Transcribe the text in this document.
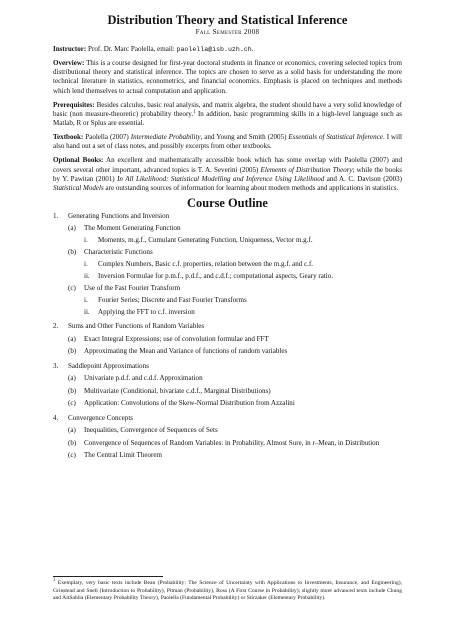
Distribution Theory and Statistical Inference
Fall Semester 2008

Instructor: Prof. Dr. Marc Paolella, email: paolella@isb.uzh.ch.

Overview: This is a course designed for first-year doctoral students in finance or economics, covering selected topics from distributional theory and statistical inference. The topics are chosen to serve as a solid basis for understanding the more technical literature in statistics, econometrics, and financial economics. Emphasis is placed on techniques and methods which lend themselves to actual computation and application.

Prerequisites: Besides calculus, basic real analysis, and matrix algebra, the student should have a very solid knowledge of basic (non measure-theoretic) probability theory.$^1$ In addition, basic programming skills in a high-level language such as Matlab, R or Splus are essential.

Textbook: Paolella (2007) Intermediate Probability, and Young and Smith (2005) Essentials of Statistical Inference. I will also hand out a set of class notes, and possibly excerpts from other textbooks.

Optional Books: An excellent and mathematically accessible book which has some overlap with Paolella (2007) and covers several other important, advanced topics is T. A. Severini (2005) Elements of Distribution Theory; while the books by Y. Pawitan (2001) In All Likelihood: Statistical Modelling and Inference Using Likelihood and A. C. Davison (2003) Statistical Models are outstanding sources of information for learning about modern methods and applications in statistics.

Course Outline
1. Generating Functions and Inversion
(a) The Moment Generating Function
i. Moments, m.g.f., Cumulant Generating Function, Uniqueness, Vector m.g.f.
(b) Characteristic Functions
i. Complex Numbers, Basic c.f. properties, relation between the m.g.f. and c.f.
ii. Inversion Formulae for p.m.f., p.d.f., and c.d.f.; computational aspects, Geary ratio.
(c) Use of the Fast Fourier Transform
i. Fourier Series; Discrete and Fast Fourier Transforms
ii. Applying the FFT to c.f. inversion
2. Sums and Other Functions of Random Variables
(a) Exact Integral Expressions; use of convolution formulae and FFT
(b) Approximating the Mean and Variance of functions of random variables
3. Saddlepoint Approximations
(a) Univariate p.d.f. and c.d.f. Approximation
(b) Multivariate (Conditional, bivariate c.d.f., Marginal Distributions)
(c) Application: Convolutions of the Skew-Normal Distribution from Azzalini
4. Convergence Concepts
(a) Inequalities, Convergence of Sequences of Sets
(b) Convergence of Sequences of Random Variables: in Probability, Almost Sure, in r–Mean, in Distribution
(c) The Central Limit Theorem
$^1$ Exemplary, very basic texts include Bean (Probability: The Science of Uncertainty with Applications to Investments, Insurance, and Engineering), Grinstead and Snell (Introduction to Probability), Pitman (Probability), Ross (A First Course in Probability); slightly more advanced texts include Chung and AitSahlia (Elementary Probability Theory), Paolella (Fundamental Probability) or Stirzaker (Elementary Probability).
